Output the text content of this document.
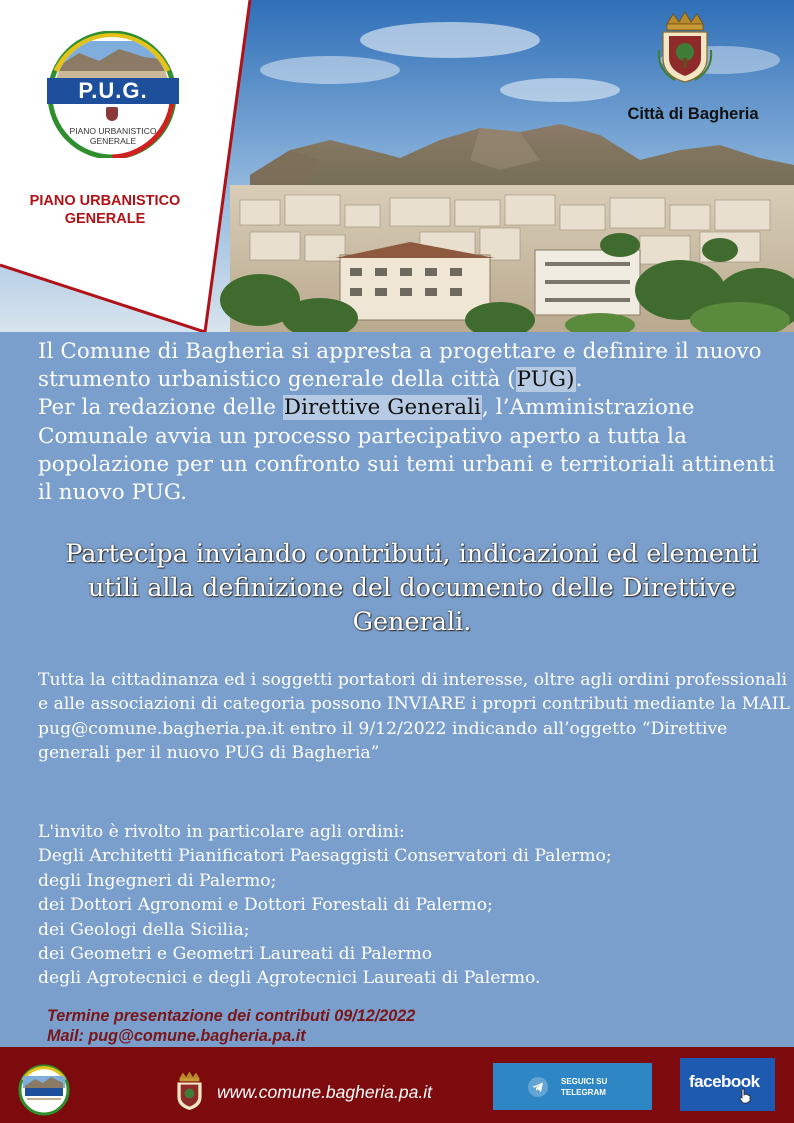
P.U.G.
PIANO URBANISTICO
GENERALE
PIANO URBANISTICO
GENERALE
Città di Bagheria

Il Comune di Bagheria si appresta a progettare e definire il nuovo strumento urbanistico generale della città (PUG).
Per la redazione delle Direttive Generali, l’Amministrazione Comunale avvia un processo partecipativo aperto a tutta la popolazione per un confronto sui temi urbani e territoriali attinenti il nuovo PUG.

Partecipa inviando contributi, indicazioni ed elementi utili alla definizione del documento delle Direttive Generali.

Tutta la cittadinanza ed i soggetti portatori di interesse, oltre agli ordini professionali e alle associazioni di categoria possono INVIARE i propri contributi mediante la MAIL pug@comune.bagheria.pa.it entro il 9/12/2022 indicando all’oggetto “Direttive generali per il nuovo PUG di Bagheria”

L'invito è rivolto in particolare agli ordini:
Degli Architetti Pianificatori Paesaggisti Conservatori di Palermo;
degli Ingegneri di Palermo;
dei Dottori Agronomi e Dottori Forestali di Palermo;
dei Geologi della Sicilia;
dei Geometri e Geometri Laureati di Palermo
degli Agrotecnici e degli Agrotecnici Laureati di Palermo.
Termine presentazione dei contributi 09/12/2022
Mail: pug@comune.bagheria.pa.it
www.comune.bagheria.pa.it
SEGUICI SU
TELEGRAM
facebook
